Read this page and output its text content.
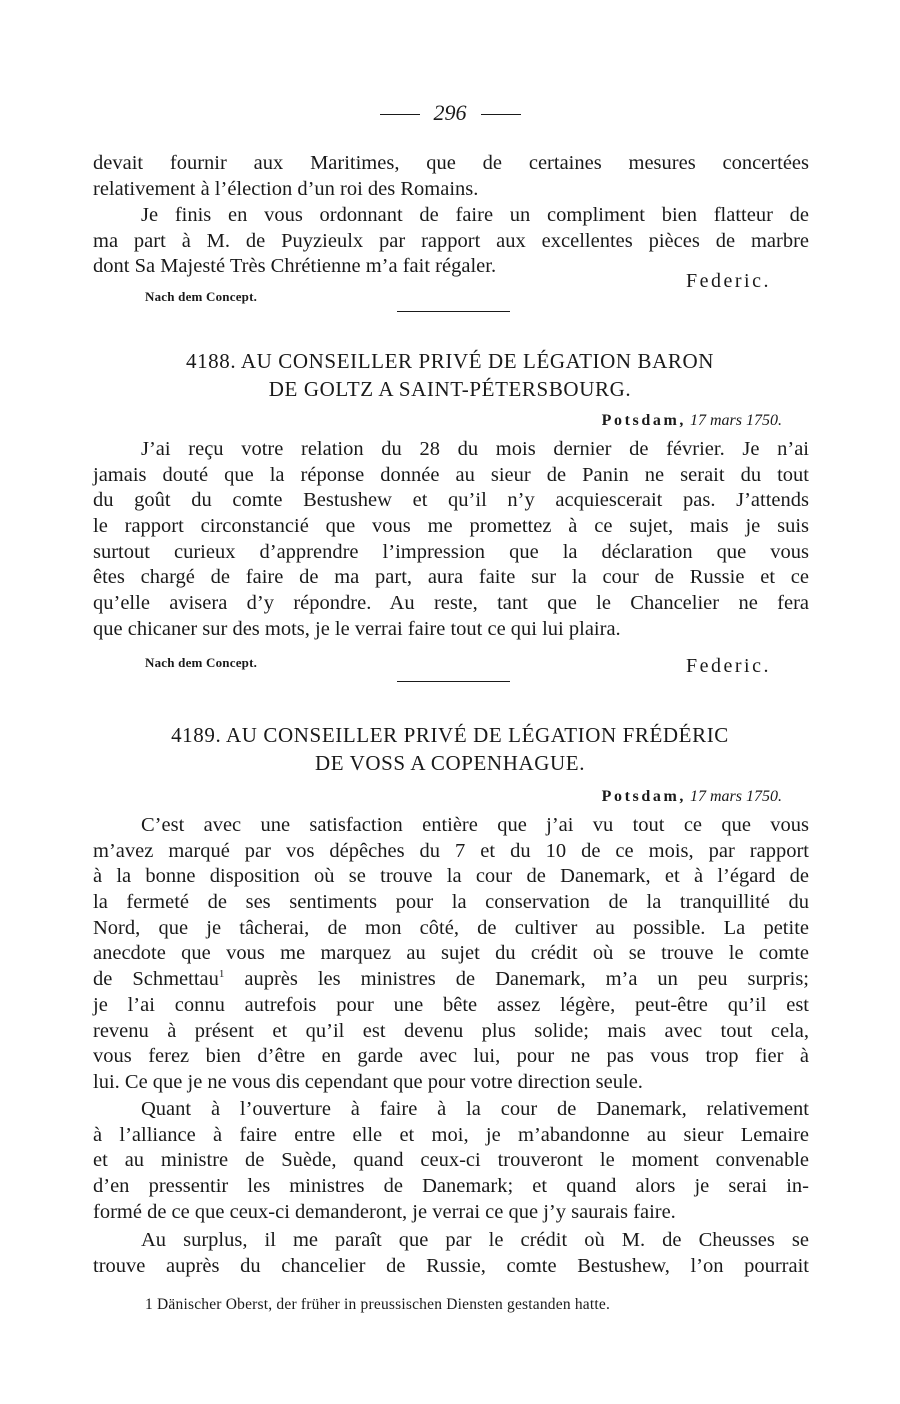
296
devait fournir aux Maritimes, que de certaines mesures concertées
relativement à l’élection d’un roi des Romains.
Je finis en vous ordonnant de faire un compliment bien flatteur de
ma part à M. de Puyzieulx par rapport aux excellentes pièces de marbre
dont Sa Majesté Très Chrétienne m’a fait régaler.
Federic.
Nach dem Concept.
4188. AU CONSEILLER PRIVÉ DE LÉGATION BARON
DE GOLTZ A SAINT-PÉTERSBOURG.
Potsdam, 17 mars 1750.
J’ai reçu votre relation du 28 du mois dernier de février. Je n’ai
jamais douté que la réponse donnée au sieur de Panin ne serait du tout
du goût du comte Bestushew et qu’il n’y acquiescerait pas. J’attends
le rapport circonstancié que vous me promettez à ce sujet, mais je suis
surtout curieux d’apprendre l’impression que la déclaration que vous
êtes chargé de faire de ma part, aura faite sur la cour de Russie et ce
qu’elle avisera d’y répondre. Au reste, tant que le Chancelier ne fera
que chicaner sur des mots, je le verrai faire tout ce qui lui plaira.
Nach dem Concept.	Federic.
4189. AU CONSEILLER PRIVÉ DE LÉGATION FRÉDÉRIC
DE VOSS A COPENHAGUE.
Potsdam, 17 mars 1750.
C’est avec une satisfaction entière que j’ai vu tout ce que vous
m’avez marqué par vos dépêches du 7 et du 10 de ce mois, par rapport
à la bonne disposition où se trouve la cour de Danemark, et à l’égard de
la fermeté de ses sentiments pour la conservation de la tranquillité du
Nord, que je tâcherai, de mon côté, de cultiver au possible. La petite
anecdote que vous me marquez au sujet du crédit où se trouve le comte
de Schmettau$^1$ auprès les ministres de Danemark, m’a un peu surpris;
je l’ai connu autrefois pour une bête assez légère, peut-être qu’il est
revenu à présent et qu’il est devenu plus solide; mais avec tout cela,
vous ferez bien d’être en garde avec lui, pour ne pas vous trop fier à
lui. Ce que je ne vous dis cependant que pour votre direction seule.
Quant à l’ouverture à faire à la cour de Danemark, relativement
à l’alliance à faire entre elle et moi, je m’abandonne au sieur Lemaire
et au ministre de Suède, quand ceux-ci trouveront le moment convenable
d’en pressentir les ministres de Danemark; et quand alors je serai in-
formé de ce que ceux-ci demanderont, je verrai ce que j’y saurais faire.
Au surplus, il me paraît que par le crédit où M. de Cheusses se
trouve auprès du chancelier de Russie, comte Bestushew, l’on pourrait
1 Dänischer Oberst, der früher in preussischen Diensten gestanden hatte.
